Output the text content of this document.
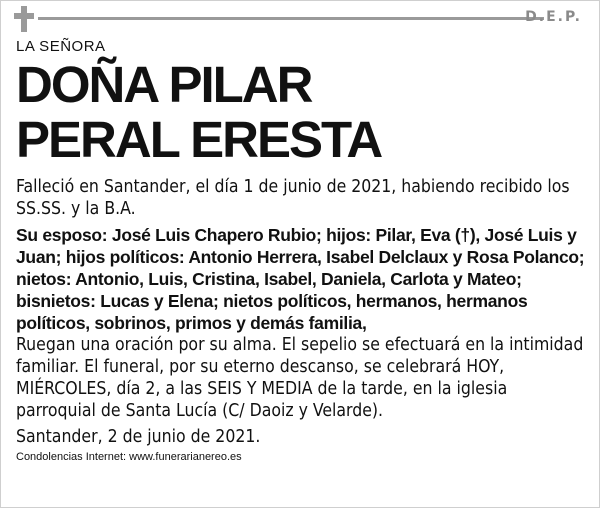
D.E.P.

LA SEÑORA

DOÑA PILAR

PERAL ERESTA

Falleció en Santander, el día 1 de junio de 2021, habiendo recibido los SS.SS. y la B.A.

Su esposo: José Luis Chapero Rubio; hijos: Pilar, Eva (†), José Luis y Juan; hijos políticos: Antonio Herrera, Isabel Delclaux y Rosa Polanco; nietos: Antonio, Luis, Cristina, Isabel, Daniela, Carlota y Mateo; bisnietos: Lucas y Elena; nietos políticos, hermanos, hermanos políticos, sobrinos, primos y demás familia,

Ruegan una oración por su alma. El sepelio se efectuará en la intimidad familiar. El funeral, por su eterno descanso, se celebrará HOY, MIÉRCOLES, día 2, a las SEIS Y MEDIA de la tarde, en la iglesia parroquial de Santa Lucía (C/ Daoiz y Velarde).

Santander, 2 de junio de 2021.

Condolencias Internet: www.funerarianereo.es
